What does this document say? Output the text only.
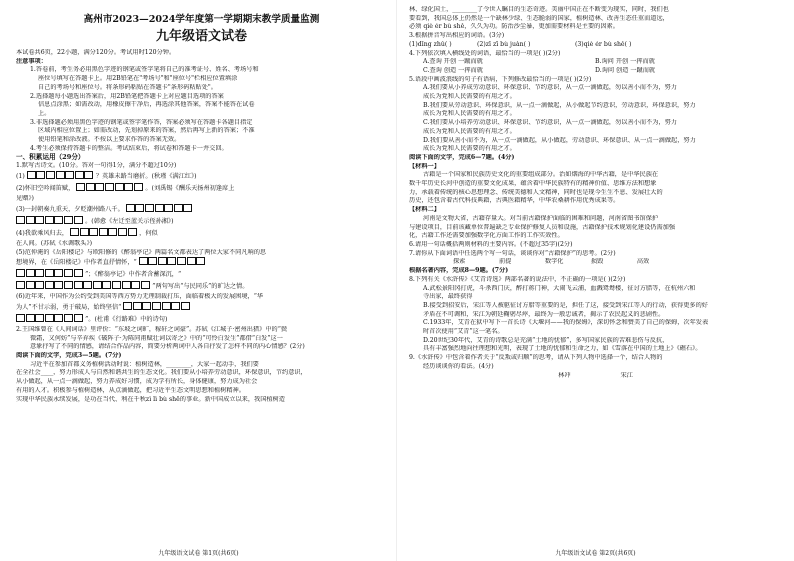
高州市2023—2024学年度第一学期期末教学质量监测
九年级语文试卷

本试卷共6页，22小题，满分120分。考试用时120分钟。

注意事项：

1.答卷前，考生务必用黑色字迹的钢笔或签字笔将自己的准考证号、姓名、考场号和

座位号填写在答题卡上。用2B铅笔在"考场号"和"座位号"栏相应位置填涂

自己的考场号和座位号。将条形码粘贴在答题卡"条形码粘贴处"。

2.选择题每小题选出答案后，用2B铅笔把答题卡上对应题目选项的答案

信息点涂黑；如需改动，用橡皮擦干净后，再选涂其他答案，答案不能答在试卷

上。

3.非选择题必须用黑色字迹的钢笔或签字笔作答，答案必须写在答题卡各题目指定

区域内相应位置上；如需改动，先划掉原来的答案，然后再写上新的答案；不准

使用铅笔和涂改液。不按以上要求作答的答案无效。

4.考生必须保持答题卡的整洁。考试结束后，将试卷和答题卡一并交回。

一、积累运用（29分）

1.默写古诗文。(10分。答对一句得1分，满分不超过10分)

(1)	？英雄未路当磨折。(秋瑾《满江红》)
(2)怀旧空吟闻笛赋，	。(刘禹锡《酬乐天扬州初逢席上

见赠》)

(3)一封朝奏九重天，夕贬潮州路八千。
。(韩愈《左迁至蓝关示侄孙湘》)
(4)我欲乘风归去，	，何似

在人间。(苏轼《水调歌头》)

(5)范仲淹的《岳阳楼记》与欧阳修的《醉翁亭记》两篇名文都表达了两位大家不同凡响的思

想境界，在《岳阳楼记》中作者直抒情怀，“
”；《醉翁亭记》中作者含蓄深沉，“
”两句写出“与民同乐”的旷达之情。

(6)近年来，中国作为公约受到美国等西方势力无理制裁打压，面临着极大的发展困境，“华

为人”不甘示弱，勇于破局，始终坚信“
”。(杜甫《行路难》中的诗句)

2.王国维曾在《人间词话》里评价：“东坡之词旷，稼轩之词豪”。苏轼《江城子·密州出猎》中的“鬓

微霜，又何妨”与辛弃疾《破阵子·为陈同甫赋壮词以寄之》中的“可怜白发生”都借“白发”这一

意象抒写了不同的情感，请结合作品内容，简要分析两词中人各自抒发了怎样不同的内心情感？(2分)

阅读下面的文字，完成3—5题。(7分)

习近平在参加首都义务植树活动时说：植树造林，________，大家一起动手，我们要

在全社会____，努力形成人与自然和谐共生的生态文化。我们要从小培养劳动意识，环保意识，节约意识，

从小做起，从一点一滴做起，努力养成好习惯，成为学有所长，身体健康，努力成为社会

有用的人才。积极参与植树造林，从点滴做起，把习近平生态文明思想和植树精神。

实现中华民族永续发展，是功在当代、利在千秋zì lì bù shē的事业。新中国成立以来，我国植树造

九年级语文试卷 第1页(共6页)

林、绿化国土，________了令世人瞩目的生态奇迹。美丽中国正在不断变为现实，同时，我们也

要看到，我国总体上仍然是一个缺林少绿、生态脆弱的国家，植树造林、改善生态任重而道远，

必须 qiè ér bù shě，久久为功。防治沙尘暴，更加需要材料是主要的因素。

3.根据拼音写出相应的词语。(3分)

(1)dīng zhǔ( )	(2)zī zī bù juàn( )	(3)qiè ér bù shě( )

4.下列依次填入横线处的词语，最恰当的一项是( )(2分)

A.查询 开创 一蹴而就	B.询问 开创 一挥而就
C.查询 创造 一挥而就	D.询问 创造 一蹴而就

5.语段中画波浪线的句子有语病，下列修改最恰当的一项是( )(2分)

A.我们要从小养成劳动意识、环保意识、节约意识，从一点一滴做起，勿以善小而不为，努力

成长为党和人民需要的有用之才。

B.我们要从劳动意识、环保意识，从一点一滴做起，从小做起节约意识，劳动意识，环保意识，努力

成长为党和人民需要的有用之才。

C.我们要从小培养劳动意识、环保意识、节约意识，从一点一滴做起，勿以善小而不为，努力

成长为党和人民需要的有用之才。

D.我们要从善小而不为，从一点一滴做起，从小做起，劳动意识、环保意识、从一点一滴做起，努力

成长为党和人民需要的有用之才。

阅读下面的文字，完成6—7题。(4分)

【材料一】

古籍是一个国家和民族历史文化的重要组成部分。治如烟海的中华古籍，是中华民族在

数千年历史长河中创造的重要文化成果，蕴含着中华民族特有的精神价值、思维方法和想象

力，承载着传统的核心思想理念、传统美德和人文精神，同时也是现今生生不息、发展壮大的

历史，还包含着古代科技典籍，古典医籍精华，中华农桑耕作用优秀成果等。

【材料二】

河南是文物大省，古籍存量大。对当前古籍保护面临的困难和问题，河南省图书馆保护

与建设项目，目前该藏单位普遍缺乏专业保护修复人员和设施，古籍保护技术规划化建设仍需加强

化，古籍工作还需要加强数字化方面工作的工作实效性。

6.请用一句话概括两则材料的主要内容。(不超过35字)(2分)

7.请你从下面词语中任选两个写一句话，谈谈你对“古籍保护”的思考。(2分)

探索	前提	数字化	损毁	高效

根据名著内容，完成8—9题。(7分)

8.下列有关《水浒传》《艾青诗选》两部名著的说法中，不正确的一项是( )(2分)

A.武松景阳冈打虎，斗杀西门庆，醉打蒋门神，大闹飞云浦，血溅鸳鸯楼，征讨方腊等，在杭州六和

寺出家，最终获得

B.接受到招安后，宋江等人被驱征讨方腊等重要的是，担任了这，接受到宋江等人的行动，获得更多的好

矛盾在不可调和，宋江为朝廷鞠躬尽瘁，最终为一般忠诚者，揭示了农民起义的悲剧性。

C.1933年，艾青在狱中写下一首长诗《大堰河——我的保姆》，深切怀念和赞美了自己的保姆，次年发表

时首次使用“艾青”这一笔名。

D.20世纪30年代，艾青的诗歌总是充满“土地的忧郁”，多写国家民族的苦难悲伤与反抗，

具有丰富强烈地向往理想和光明，表现了土地的忧郁和生命之力，如《雪落在中国的土地上》《礁石》。

9.《水浒传》中包含着作者关于“反叛或归顺”的思考，请从下列人物中选择一个，结合人物的

经历谈谈你的看法。(4分)

林冲	宋江
九年级语文试卷 第2页(共6页)
